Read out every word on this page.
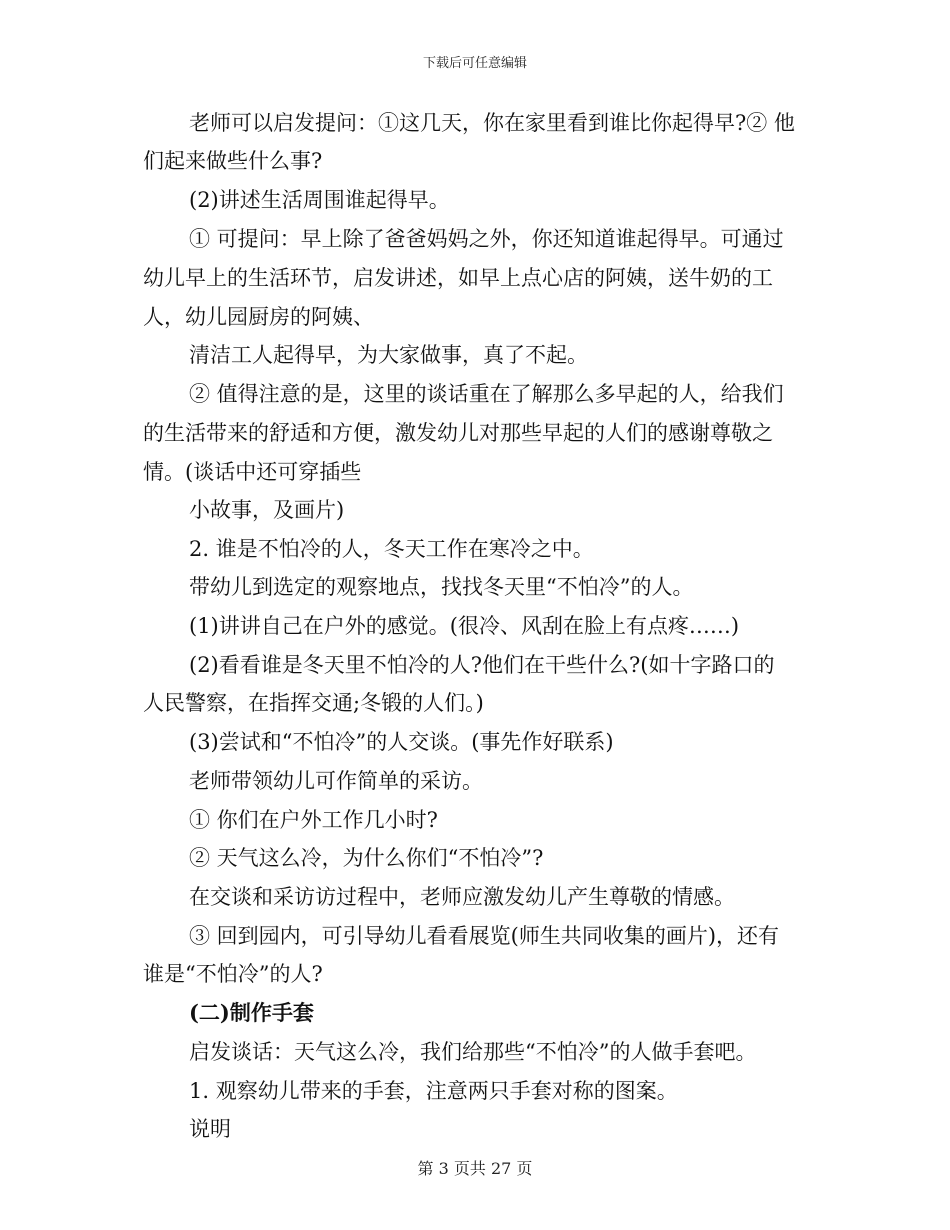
下载后可任意编辑
老师可以启发提问：①这几天，你在家里看到谁比你起得早?② 他
们起来做些什么事?
(2)讲述生活周围谁起得早。
① 可提问：早上除了爸爸妈妈之外，你还知道谁起得早。可通过
幼儿早上的生活环节，启发讲述，如早上点心店的阿姨，送牛奶的工
人，幼儿园厨房的阿姨、
清洁工人起得早，为大家做事，真了不起。
② 值得注意的是，这里的谈话重在了解那么多早起的人，给我们
的生活带来的舒适和方便，激发幼儿对那些早起的人们的感谢尊敬之
情。(谈话中还可穿插些
小故事，及画片)
2. 谁是不怕冷的人，冬天工作在寒冷之中。
带幼儿到选定的观察地点，找找冬天里“不怕冷”的人。
(1)讲讲自己在户外的感觉。(很冷、风刮在脸上有点疼……)
(2)看看谁是冬天里不怕冷的人?他们在干些什么?(如十字路口的
人民警察，在指挥交通;冬锻的人们。)
(3)尝试和“不怕冷”的人交谈。(事先作好联系)
老师带领幼儿可作简单的采访。
① 你们在户外工作几小时?
② 天气这么冷，为什么你们“不怕冷”?
在交谈和采访访过程中，老师应激发幼儿产生尊敬的情感。
③ 回到园内，可引导幼儿看看展览(师生共同收集的画片)，还有
谁是“不怕冷”的人?
(二)制作手套
启发谈话：天气这么冷，我们给那些“不怕冷”的人做手套吧。
1. 观察幼儿带来的手套，注意两只手套对称的图案。
说明
第 3 页共 27 页
